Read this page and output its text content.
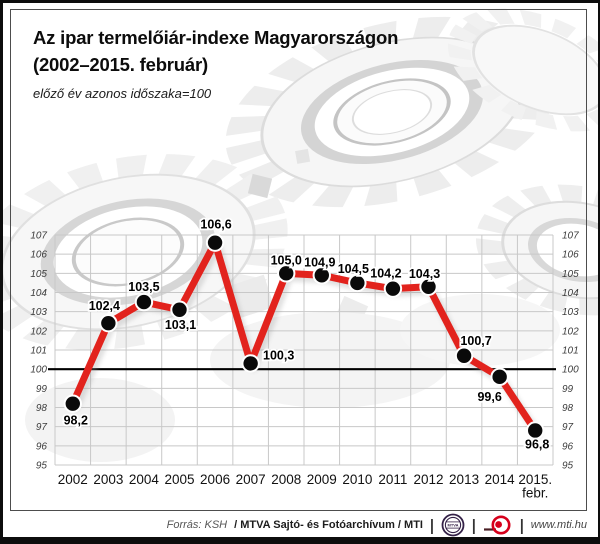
Az ipar termelőiár-indexe Magyarországon
(2002–2015. február)
előző év azonos időszaka=100
95	95
96	96
97	97
98	98
99	99
100	100
101	101
102	102
103	103
104	104
105	105
106	106
107	107
2002 2003 2004 2005 2006 2007 2008 2009 2010 2011 2012 2013 2014 2015. febr.
98,2
102,4
103,5
103,1
106,6
100,3
105,0 104,9 104,5 104,2 104,3
100,7
99,6
96,8
Forrás: KSH / MTVA Sajtó- és Fotóarchívum / MTI |	MTVA |	| www.mti.hu
